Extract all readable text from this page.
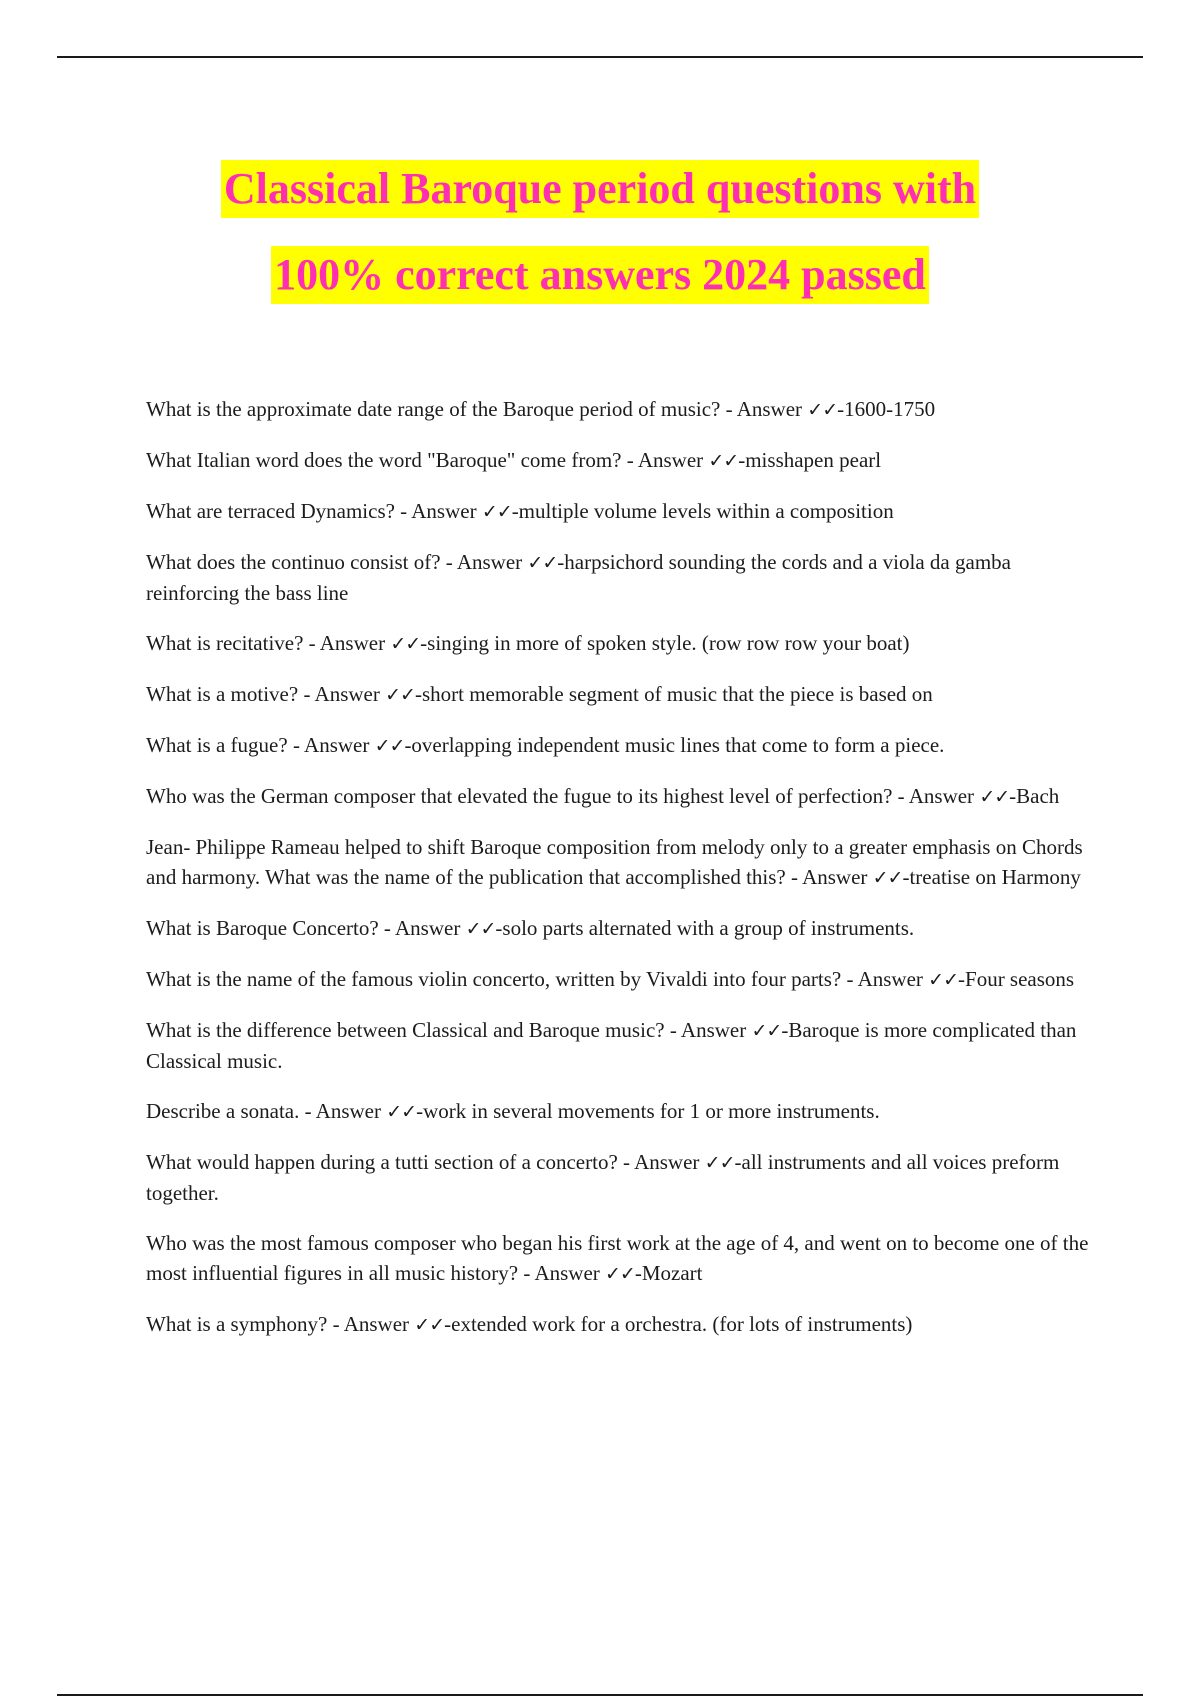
Classical Baroque period questions with
100% correct answers 2024 passed
What is the approximate date range of the Baroque period of music? - Answer ✓✓-1600-1750
What Italian word does the word "Baroque" come from? - Answer ✓✓-misshapen pearl
What are terraced Dynamics? - Answer ✓✓-multiple volume levels within a composition
What does the continuo consist of? - Answer ✓✓-harpsichord sounding the cords and a viola da gamba reinforcing the bass line
What is recitative? - Answer ✓✓-singing in more of spoken style. (row row row your boat)
What is a motive? - Answer ✓✓-short memorable segment of music that the piece is based on
What is a fugue? - Answer ✓✓-overlapping independent music lines that come to form a piece.
Who was the German composer that elevated the fugue to its highest level of perfection? - Answer ✓✓-Bach
Jean- Philippe Rameau helped to shift Baroque composition from melody only to a greater emphasis on Chords and harmony. What was the name of the publication that accomplished this? - Answer ✓✓-treatise on Harmony
What is Baroque Concerto? - Answer ✓✓-solo parts alternated with a group of instruments.
What is the name of the famous violin concerto, written by Vivaldi into four parts? - Answer ✓✓-Four seasons
What is the difference between Classical and Baroque music? - Answer ✓✓-Baroque is more complicated than Classical music.
Describe a sonata. - Answer ✓✓-work in several movements for 1 or more instruments.
What would happen during a tutti section of a concerto? - Answer ✓✓-all instruments and all voices preform together.
Who was the most famous composer who began his first work at the age of 4, and went on to become one of the most influential figures in all music history? - Answer ✓✓-Mozart
What is a symphony? - Answer ✓✓-extended work for a orchestra. (for lots of instruments)
